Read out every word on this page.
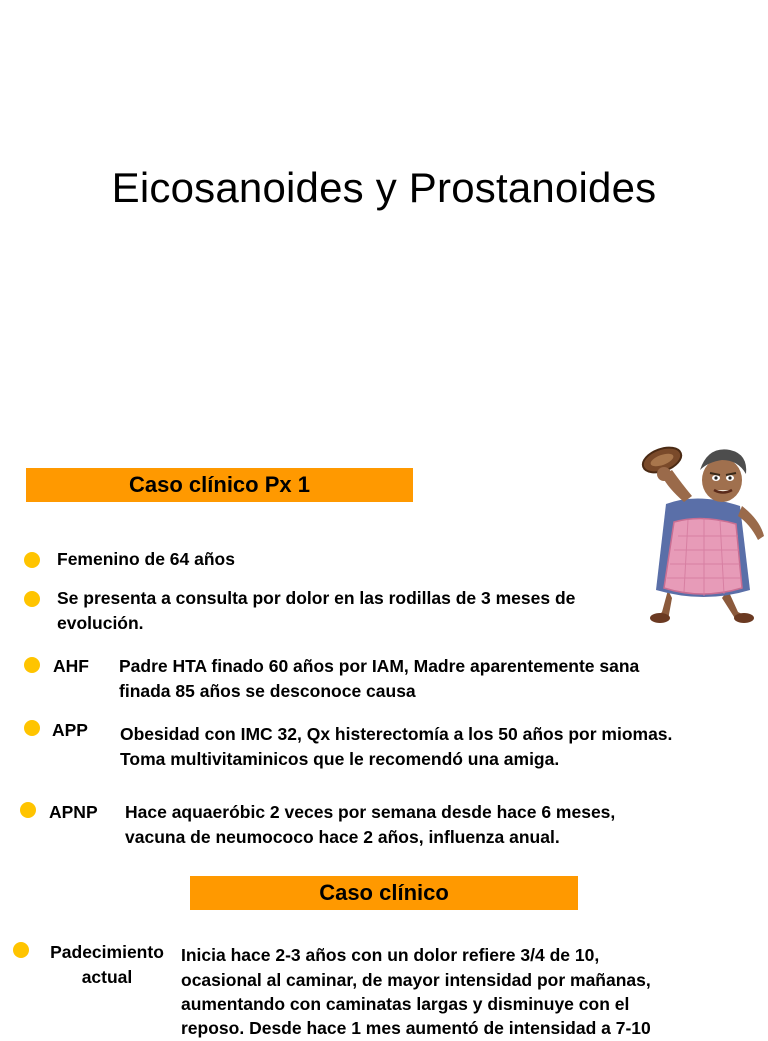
Eicosanoides y Prostanoides
Caso clínico Px 1
Femenino de 64 años
Se presenta a consulta por dolor en las rodillas de 3 meses de
evolución.
AHF Padre HTA finado 60 años por IAM, Madre aparentemente sana
finada 85 años se desconoce causa
APP Obesidad con IMC 32, Qx histerectomía a los 50 años por miomas.
Toma multivitaminicos que le recomendó una amiga.
APNP Hace aquaeróbic 2 veces por semana desde hace 6 meses,
vacuna de neumococo hace 2 años, influenza anual.
Caso clínico
Padecimiento
actual
Inicia hace 2-3 años con un dolor refiere 3/4 de 10,
ocasional al caminar, de mayor intensidad por mañanas,
aumentando con caminatas largas y disminuye con el
reposo. Desde hace 1 mes aumentó de intensidad a 7-10
